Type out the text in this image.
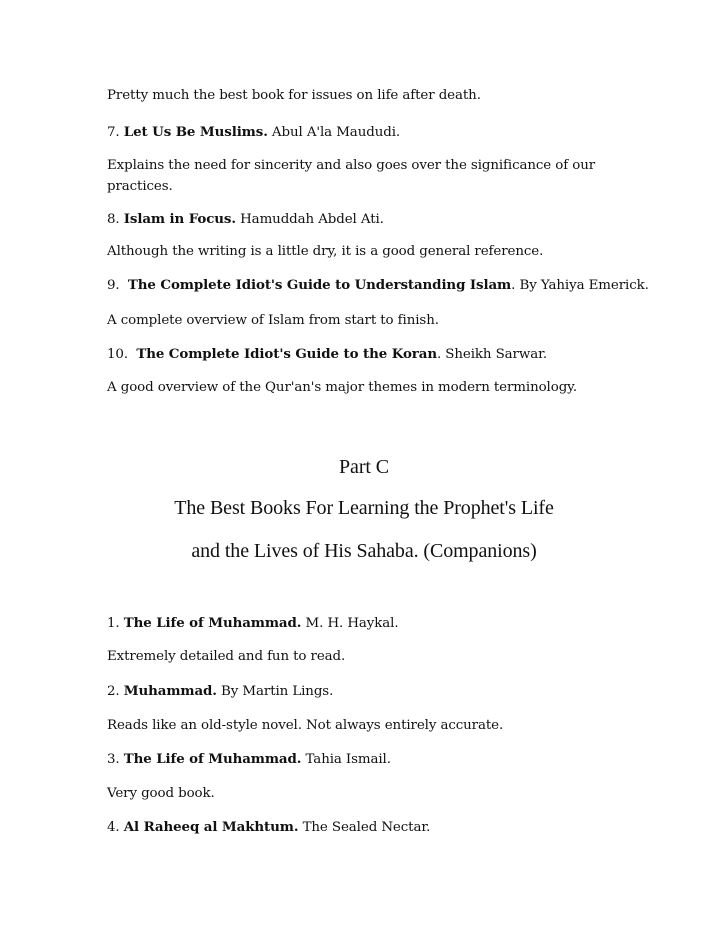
Pretty much the best book for issues on life after death.
7. Let Us Be Muslims. Abul A'la Maududi.
Explains the need for sincerity and also goes over the significance of our practices.
8. Islam in Focus. Hamuddah Abdel Ati.
Although the writing is a little dry, it is a good general reference.
9. The Complete Idiot's Guide to Understanding Islam. By Yahiya Emerick.
A complete overview of Islam from start to finish.
10. The Complete Idiot's Guide to the Koran. Sheikh Sarwar.
A good overview of the Qur'an's major themes in modern terminology.
Part C
The Best Books For Learning the Prophet's Life
and the Lives of His Sahaba. (Companions)
1. The Life of Muhammad. M. H. Haykal.
Extremely detailed and fun to read.
2. Muhammad. By Martin Lings.
Reads like an old-style novel. Not always entirely accurate.
3. The Life of Muhammad. Tahia Ismail.
Very good book.
4. Al Raheeq al Makhtum. The Sealed Nectar.
